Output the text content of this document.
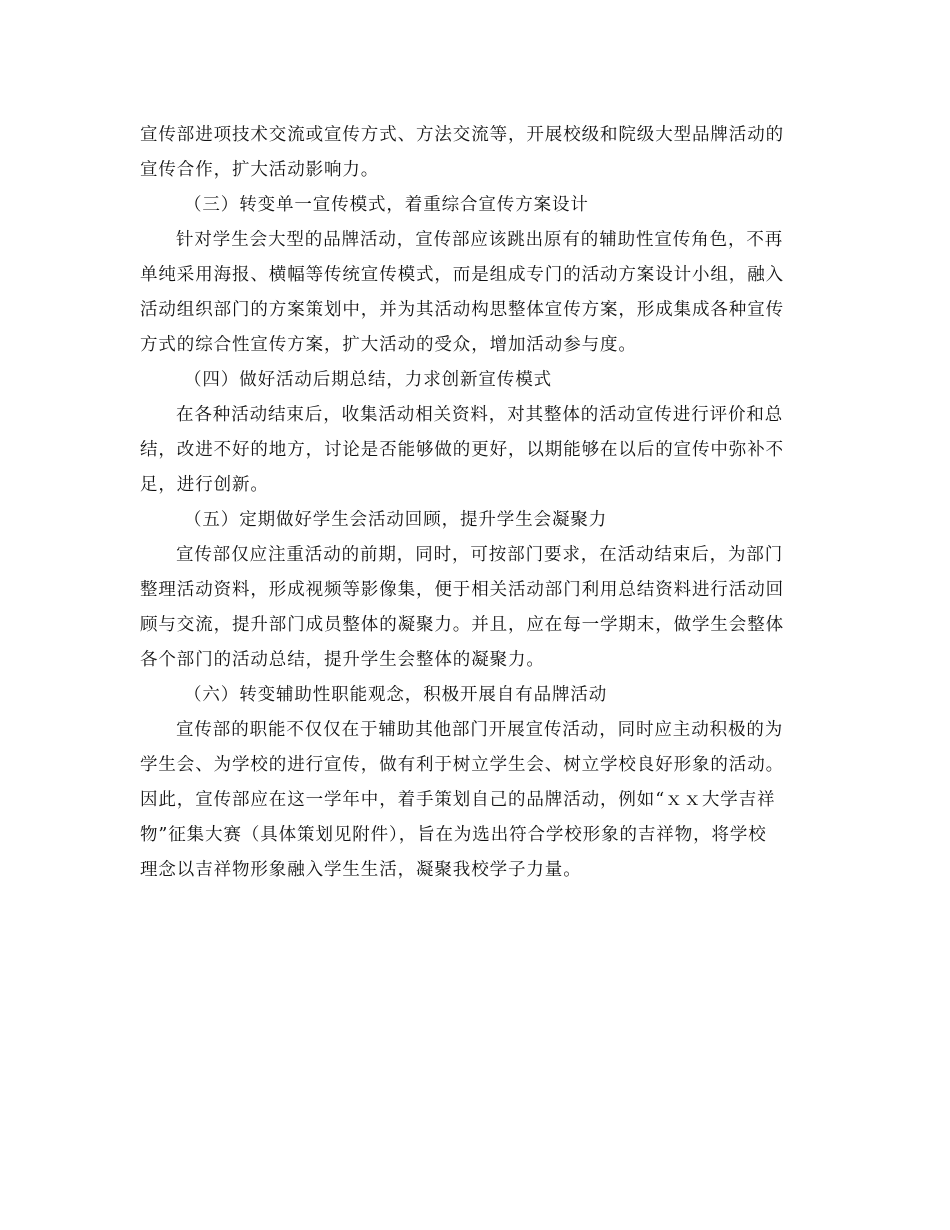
宣传部进项技术交流或宣传方式、方法交流等，开展校级和院级大型品牌活动的
宣传合作，扩大活动影响力。
（三）转变单一宣传模式，着重综合宣传方案设计
针对学生会大型的品牌活动，宣传部应该跳出原有的辅助性宣传角色，不再
单纯采用海报、横幅等传统宣传模式，而是组成专门的活动方案设计小组，融入
活动组织部门的方案策划中，并为其活动构思整体宣传方案，形成集成各种宣传
方式的综合性宣传方案，扩大活动的受众，增加活动参与度。
（四）做好活动后期总结，力求创新宣传模式
在各种活动结束后，收集活动相关资料，对其整体的活动宣传进行评价和总
结，改进不好的地方，讨论是否能够做的更好，以期能够在以后的宣传中弥补不
足，进行创新。
（五）定期做好学生会活动回顾，提升学生会凝聚力
宣传部仅应注重活动的前期，同时，可按部门要求，在活动结束后，为部门
整理活动资料，形成视频等影像集，便于相关活动部门利用总结资料进行活动回
顾与交流，提升部门成员整体的凝聚力。并且，应在每一学期末，做学生会整体
各个部门的活动总结，提升学生会整体的凝聚力。
（六）转变辅助性职能观念，积极开展自有品牌活动
宣传部的职能不仅仅在于辅助其他部门开展宣传活动，同时应主动积极的为
学生会、为学校的进行宣传，做有利于树立学生会、树立学校良好形象的活动。
因此，宣传部应在这一学年中，着手策划自己的品牌活动，例如“ｘｘ大学吉祥
物”征集大赛（具体策划见附件），旨在为选出符合学校形象的吉祥物，将学校
理念以吉祥物形象融入学生生活，凝聚我校学子力量。
